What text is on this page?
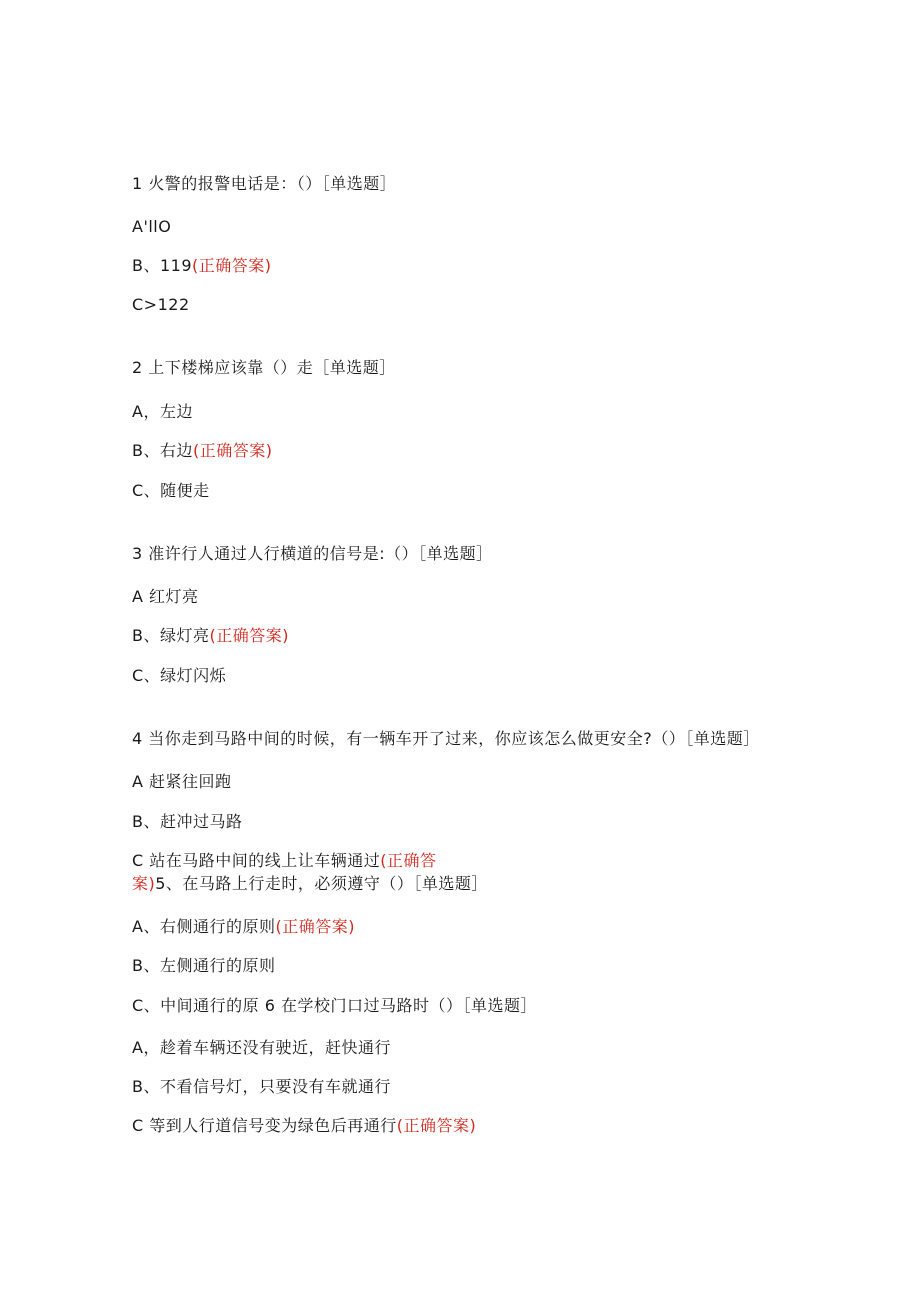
1 火警的报警电话是：（）［单选题］
A'llO
B、119(正确答案)
C>122
2 上下楼梯应该靠（）走［单选题］
A，左边
B、右边(正确答案)
C、随便走
3 准许行人通过人行横道的信号是:（）［单选题］
A 红灯亮
B、绿灯亮(正确答案)
C、绿灯闪烁
4 当你走到马路中间的时候，有一辆车开了过来，你应该怎么做更安全?（）［单选题］
A 赶紧往回跑
B、赶冲过马路
C 站在马路中间的线上让车辆通过(正确答案)5、在马路上行走时，必须遵守（）［单选题］
A、右侧通行的原则(正确答案)
B、左侧通行的原则
C、中间通行的原 6 在学校门口过马路时（）［单选题］
A，趁着车辆还没有驶近，赶快通行
B、不看信号灯，只要没有车就通行
C 等到人行道信号变为绿色后再通行(正确答案)
